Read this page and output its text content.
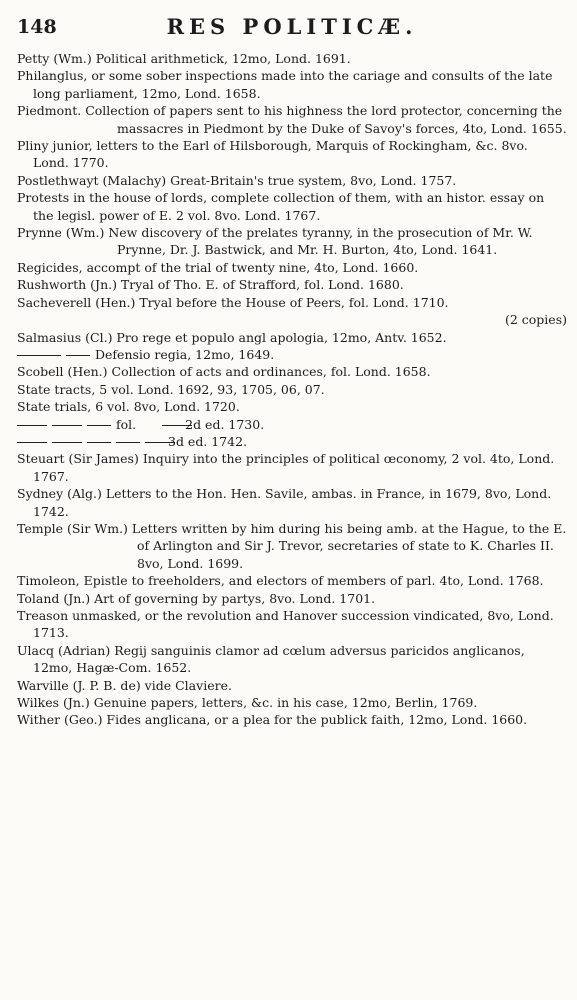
148	RES POLITICÆ.

Petty (Wm.) Political arithmetick, 12mo, Lond. 1691.

Philanglus, or some sober inspections made into the cariage and consults of the late long parliament, 12mo, Lond. 1658.

Piedmont. Collection of papers sent to his highness the lord protector, concerning the massacres in Piedmont by the Duke of Savoy's forces, 4to, Lond. 1655.

Pliny junior, letters to the Earl of Hilsborough, Marquis of Rockingham, &c. 8vo. Lond. 1770.

Postlethwayt (Malachy) Great-Britain's true system, 8vo, Lond. 1757.

Protests in the house of lords, complete collection of them, with an histor. essay on the legisl. power of E. 2 vol. 8vo. Lond. 1767.

Prynne (Wm.) New discovery of the prelates tyranny, in the prosecution of Mr. W. Prynne, Dr. J. Bastwick, and Mr. H. Burton, 4to, Lond. 1641.

Regicides, accompt of the trial of twenty nine, 4to, Lond. 1660.

Rushworth (Jn.) Tryal of Tho. E. of Strafford, fol. Lond. 1680.

Sacheverell (Hen.) Tryal before the House of Peers, fol. Lond. 1710.

(2 copies)

Salmasius (Cl.) Pro rege et populo angl apologia, 12mo, Antv. 1652.

Defensio regia, 12mo, 1649.

Scobell (Hen.) Collection of acts and ordinances, fol. Lond. 1658.

State tracts, 5 vol. Lond. 1692, 93, 1705, 06, 07.

State trials, 6 vol. 8vo, Lond. 1720.

fol.	2d ed. 1730.

3d ed. 1742.

Steuart (Sir James) Inquiry into the principles of political œconomy, 2 vol. 4to, Lond. 1767.

Sydney (Alg.) Letters to the Hon. Hen. Savile, ambas. in France, in 1679, 8vo, Lond. 1742.

Temple (Sir Wm.) Letters written by him during his being amb. at the Hague, to the E. of Arlington and Sir J. Trevor, secretaries of state to K. Charles II. 8vo, Lond. 1699.

Timoleon, Epistle to freeholders, and electors of members of parl. 4to, Lond. 1768.

Toland (Jn.) Art of governing by partys, 8vo. Lond. 1701.

Treason unmasked, or the revolution and Hanover succession vindicated, 8vo, Lond. 1713.

Ulacq (Adrian) Regij sanguinis clamor ad cœlum adversus paricidos anglicanos, 12mo, Hagæ-Com. 1652.

Warville (J. P. B. de) vide Claviere.

Wilkes (Jn.) Genuine papers, letters, &c. in his case, 12mo, Berlin, 1769.

Wither (Geo.) Fides anglicana, or a plea for the publick faith, 12mo, Lond. 1660.
